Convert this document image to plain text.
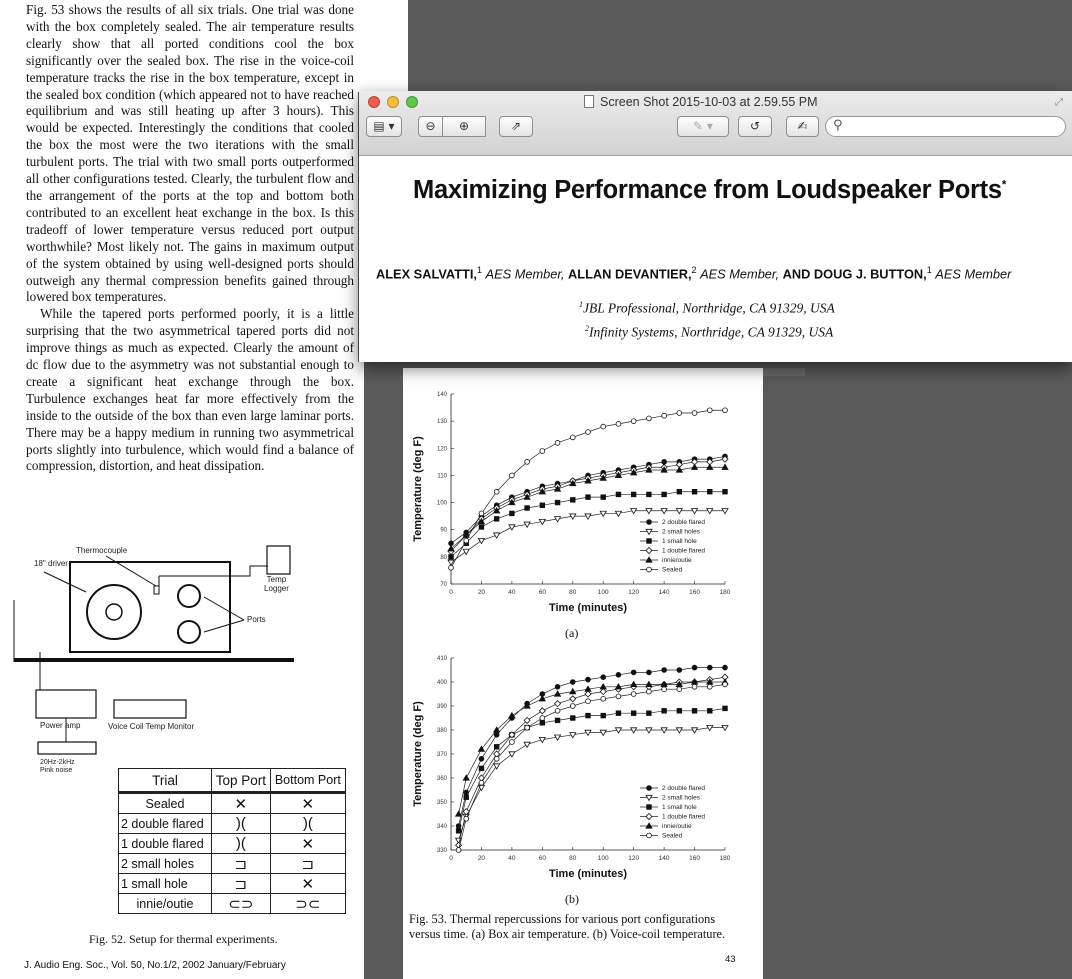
Fig. 53 shows the results of all six trials. One trial was done with the box completely sealed. The air temperature results clearly show that all ported conditions cool the box significantly over the sealed box. The rise in the voice-coil temperature tracks the rise in the box temperature, except in the sealed box condition (which appeared not to have reached equilibrium and was still heating up after 3 hours). This would be expected. Interestingly the conditions that cooled the box the most were the two iterations with the small turbulent ports. The trial with two small ports outperformed all other configurations tested. Clearly, the turbulent flow and the arrangement of the ports at the top and bottom both contributed to an excellent heat exchange in the box. Is this tradeoff of lower temperature versus reduced port output worthwhile? Most likely not. The gains in maximum output of the system obtained by using well-designed ports should outweigh any thermal compression benefits gained through lowered box temperatures.

While the tapered ports performed poorly, it is a little surprising that the two asymmetrical tapered ports did not improve things as much as expected. Clearly the amount of dc flow due to the asymmetry was not substantial enough to create a significant heat exchange through the box. Turbulence exchanges heat far more effectively from the inside to the outside of the box than even large laminar ports. There may be a happy medium in running two asymmetrical ports slightly into turbulence, which would find a balance of compression, distortion, and heat dissipation.

Thermocouple
18" driver
Temp
Logger
Ports
Power amp	Voice Coil Temp Monitor
20Hz-2kHz
Pink noise
Trial	Top Port	Bottom Port
Sealed	✕	✕
2 double flared	)(	)(
1 double flared	)(	✕
2 small holes	⊐	⊐
1 small hole	⊐	✕
innie/outie	⊂⊃	⊃⊂
Fig. 52. Setup for thermal experiments.
J. Audio Eng. Soc., Vol. 50, No.1/2, 2002 January/February
70
80
90
100
110
120
130
140
0	20	40	60	80	100	120	140	160	180
Time (minutes)
Temperature (deg F)	2 double flared
2 small holes
1 small hole
1 double flared
innie/outie
Sealed
(a)
330
340
350
360
370
380
390
400
410
0	20	40	60	80	100	120	140	160	180
Time (minutes)
Temperature (deg F)	2 double flared
2 small holes
1 small hole
1 double flared
innie/outie
Sealed
(b)
Fig. 53. Thermal repercussions for various port configurations versus time. (a) Box air temperature. (b) Voice-coil temperature.
43
Screen Shot 2015-10-03 at 2.59.55 PM	⤢
▤ ▾	⊖	⊕	⇗	✎ ▾	↺	✍	⚲
Maximizing Performance from Loudspeaker Ports*
ALEX SALVATTI,$^1$ AES Member, ALLAN DEVANTIER,$^2$ AES Member, AND DOUG J. BUTTON,$^1$ AES Member
$^1$JBL Professional, Northridge, CA 91329, USA
$^2$Infinity Systems, Northridge, CA 91329, USA
